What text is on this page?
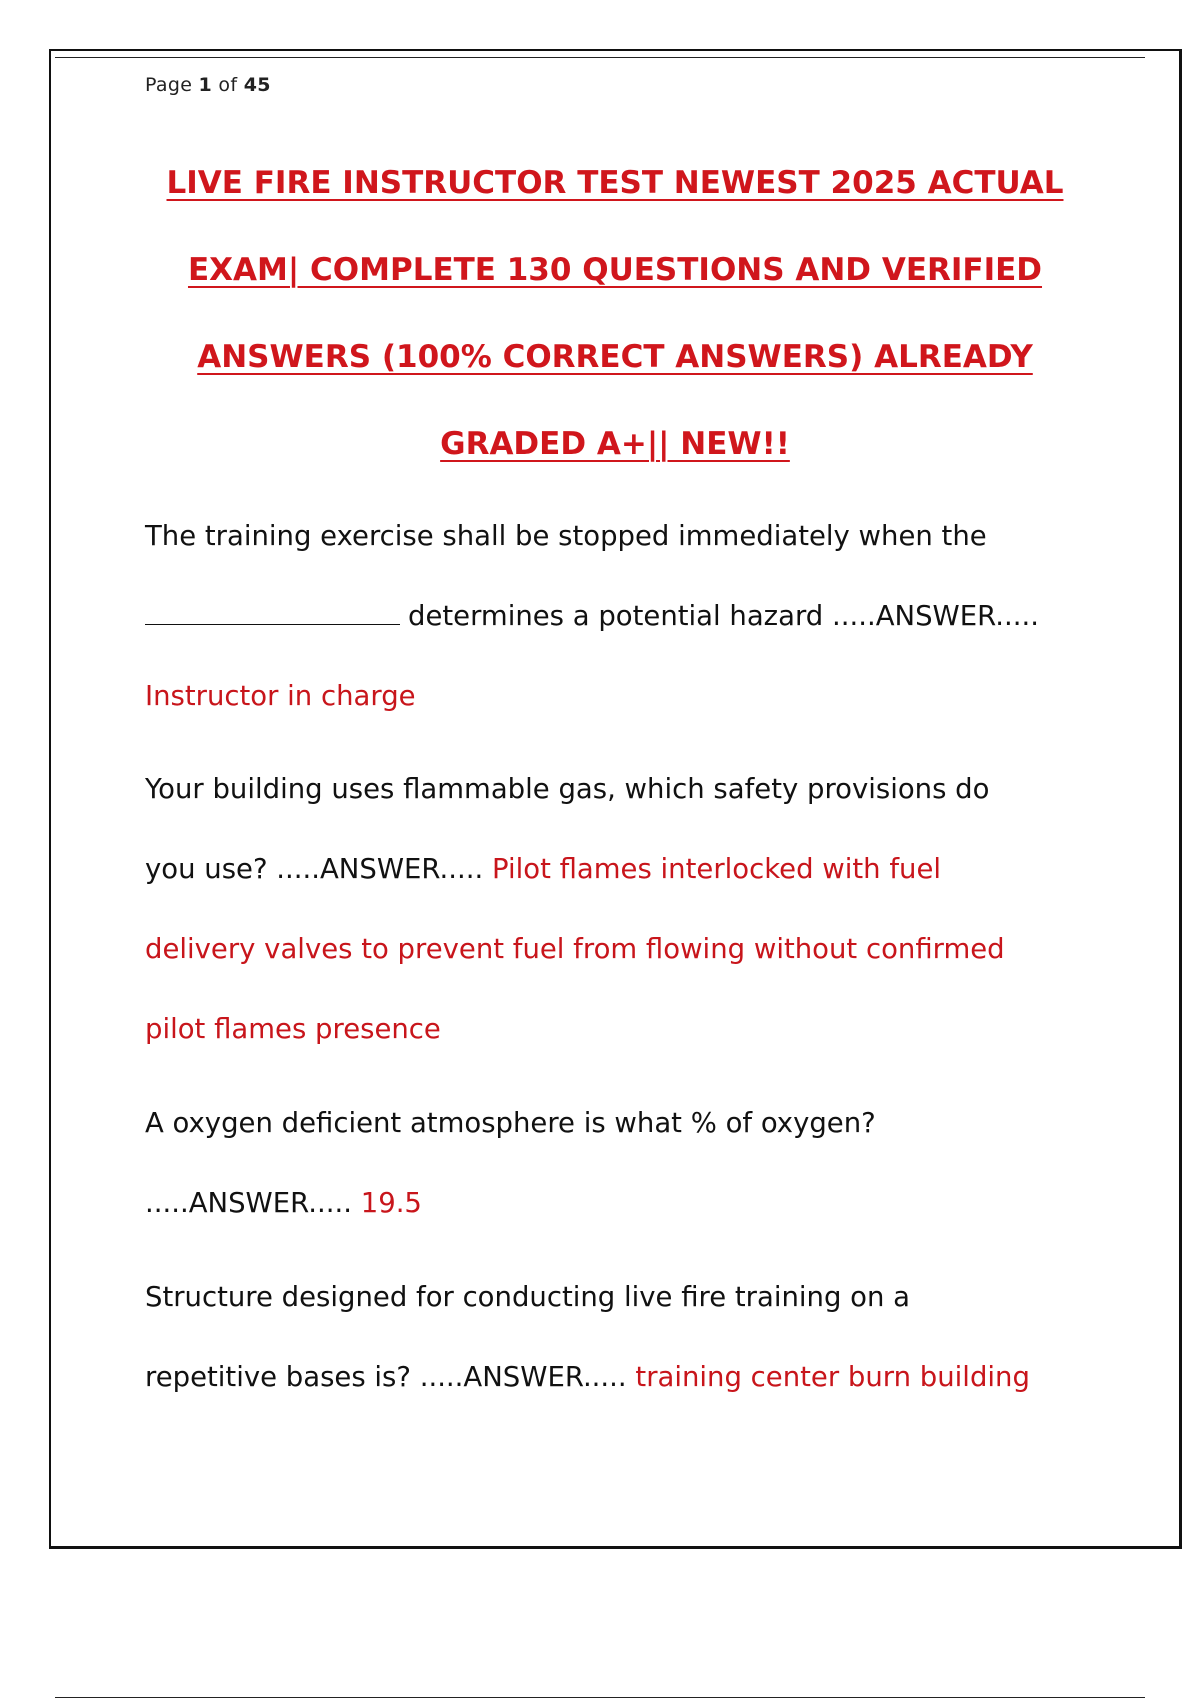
Page 1 of 45
LIVE FIRE INSTRUCTOR TEST NEWEST 2025 ACTUAL
EXAM| COMPLETE 130 QUESTIONS AND VERIFIED
ANSWERS (100% CORRECT ANSWERS) ALREADY
GRADED A+|| NEW!!
The training exercise shall be stopped immediately when the
determines a potential hazard .....ANSWER.....
Instructor in charge
Your building uses flammable gas, which safety provisions do
you use? .....ANSWER..... Pilot flames interlocked with fuel
delivery valves to prevent fuel from flowing without confirmed
pilot flames presence
A oxygen deficient atmosphere is what % of oxygen?
.....ANSWER..... 19.5
Structure designed for conducting live fire training on a
repetitive bases is? .....ANSWER..... training center burn building
